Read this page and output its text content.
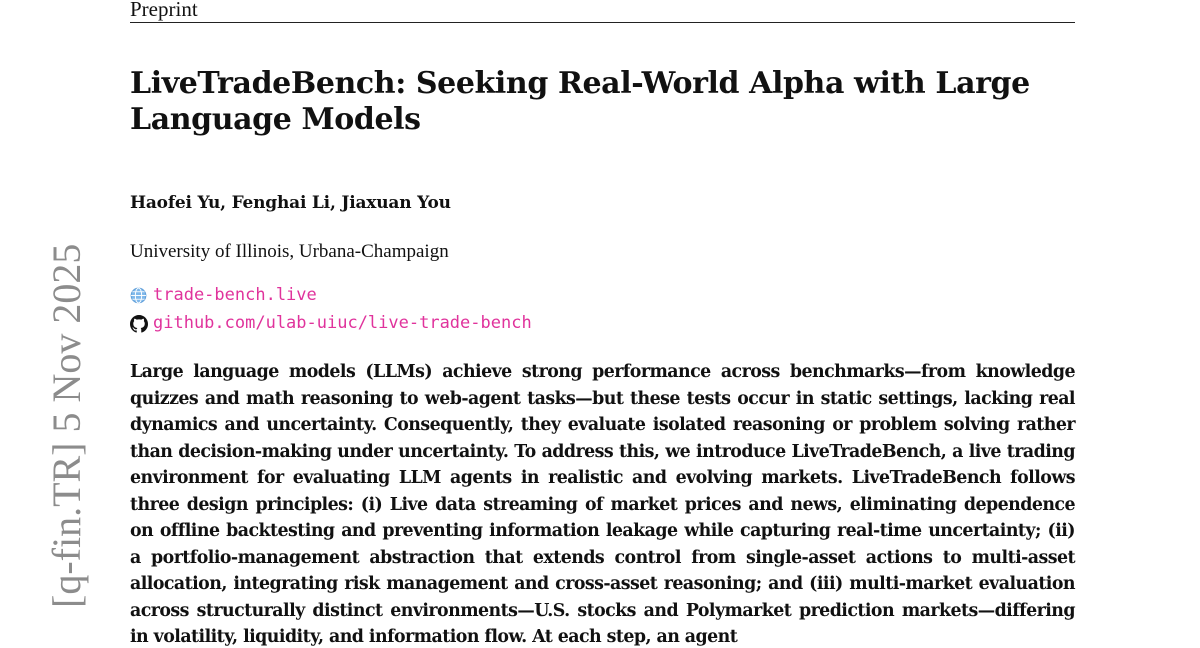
Preprint
LiveTradeBench: Seeking Real-World Alpha with Large Language Models

Haofei Yu, Fenghai Li, Jiaxuan You

University of Illinois, Urbana-Champaign

trade-bench.live
github.com/ulab-uiuc/live-trade-bench

Large language models (LLMs) achieve strong performance across benchmarks—from knowledge quizzes and math reasoning to web-agent tasks—but these tests occur in static settings, lacking real dynamics and uncertainty. Consequently, they evaluate isolated reasoning or problem solving rather than decision-making under uncertainty. To address this, we introduce LiveTradeBench, a live trading environment for evaluating LLM agents in realistic and evolving markets. LiveTradeBench follows three design principles: (i) Live data streaming of market prices and news, eliminating dependence on offline backtesting and preventing information leakage while capturing real-time uncertainty; (ii) a portfolio-management abstraction that extends control from single-asset actions to multi-asset allocation, integrating risk management and cross-asset reasoning; and (iii) multi-market evaluation across structurally distinct environments—U.S. stocks and Polymarket prediction markets—differing in volatility, liquidity, and information flow. At each step, an agent

[q-fin.TR] 5 Nov 2025
